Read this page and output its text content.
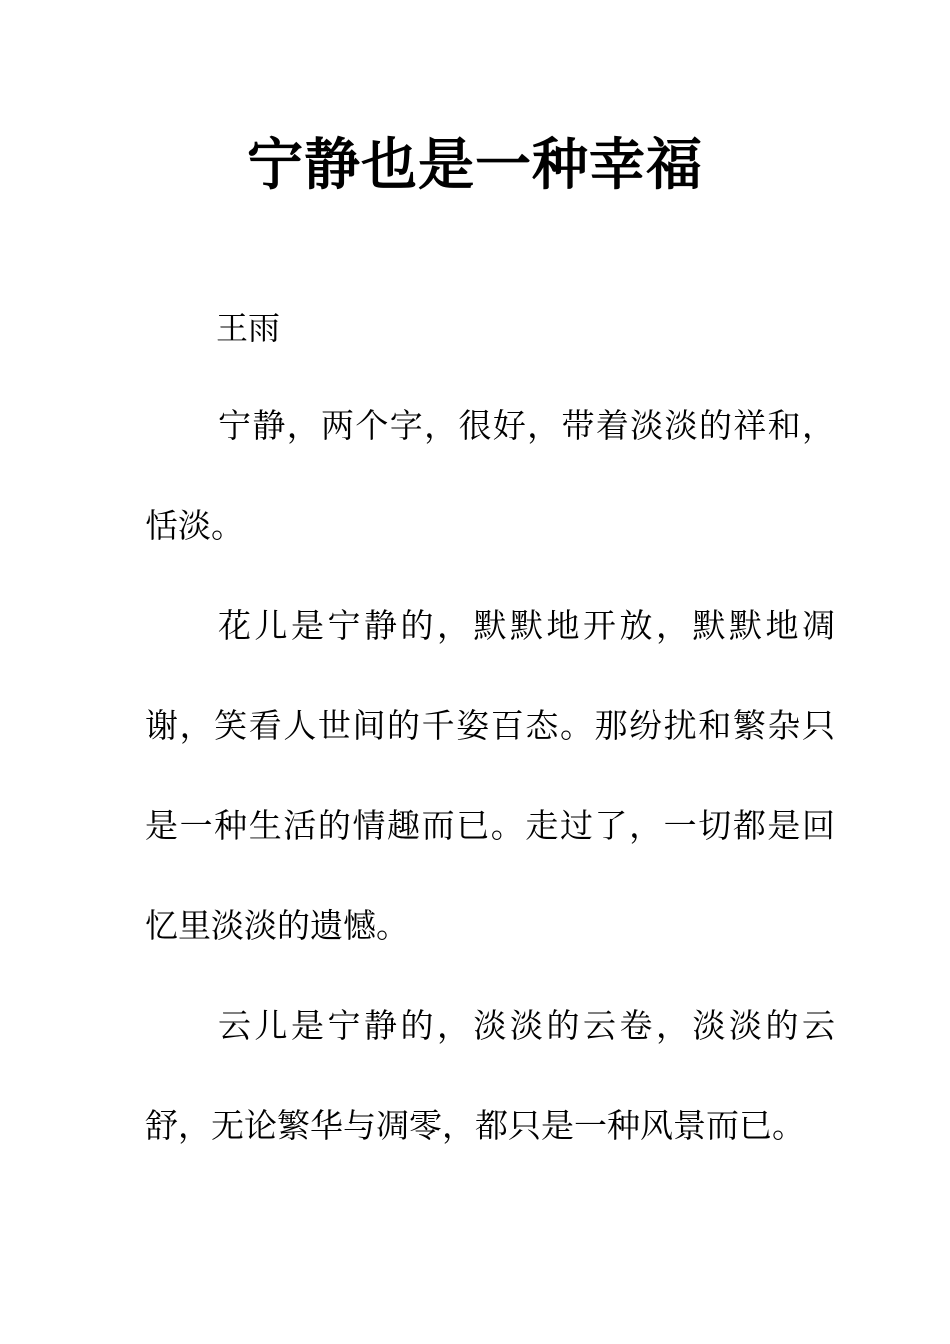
宁静也是一种幸福
王雨

宁静，两个字，很好，带着淡淡的祥和，恬淡。

花儿是宁静的，默默地开放，默默地凋谢，笑看人世间的千姿百态。那纷扰和繁杂只是一种生活的情趣而已。走过了，一切都是回忆里淡淡的遗憾。

云儿是宁静的，淡淡的云卷，淡淡的云舒，无论繁华与凋零，都只是一种风景而已。
